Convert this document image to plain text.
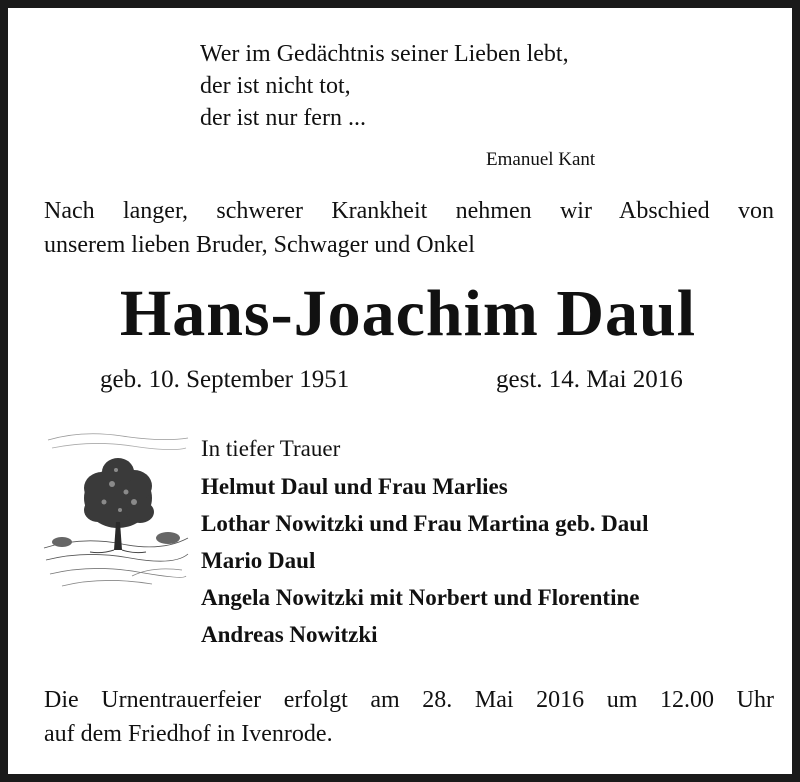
Wer im Gedächtnis seiner Lieben lebt,
der ist nicht tot,
der ist nur fern ...
Emanuel Kant
Nach langer, schwerer Krankheit nehmen wir Abschied von
unserem lieben Bruder, Schwager und Onkel
Hans-Joachim Daul
geb. 10. September 1951	gest. 14. Mai 2016
In tiefer Trauer
Helmut Daul und Frau Marlies
Lothar Nowitzki und Frau Martina geb. Daul
Mario Daul
Angela Nowitzki mit Norbert und Florentine
Andreas Nowitzki
Die Urnentrauerfeier erfolgt am 28. Mai 2016 um 12.00 Uhr
auf dem Friedhof in Ivenrode.
